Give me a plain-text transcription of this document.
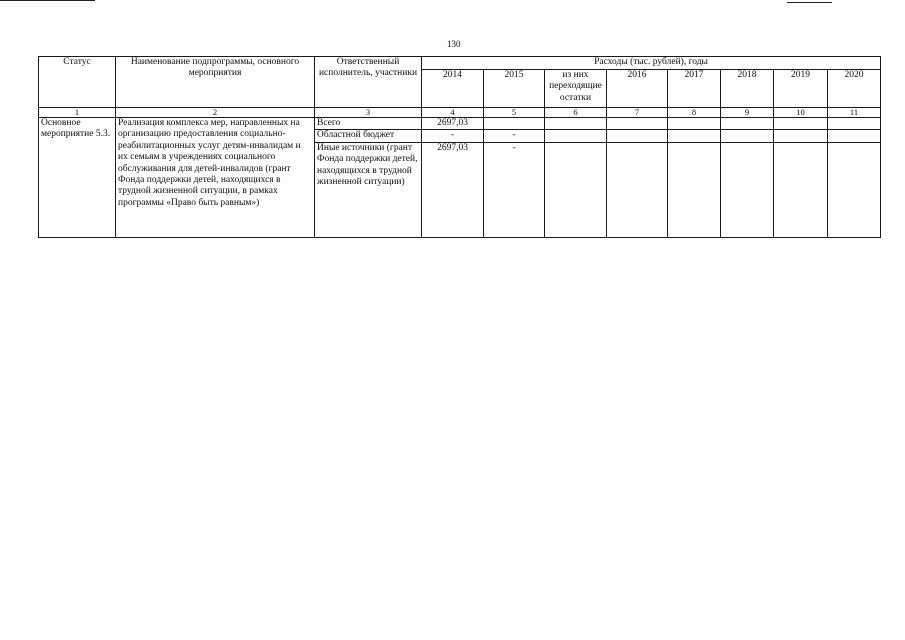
130
Статус	Наименование подпрограммы, основного мероприятия	Ответственный исполнитель, участники	Расходы (тыс. рублей), годы							
			2014	2015	из них переходящие остатки	2016	2017	2018	2019	2020
1	2	3	4	5	6	7	8	9	10	11
Основное мероприятие 5.3.	Реализация комплекса мер, направленных на организацию предоставления социально-реабилитационных услуг детям-инвалидам и их семьям в учреждениях социального обслуживания для детей-инвалидов (грант Фонда поддержки детей, находящихся в трудной жизненной ситуации, в рамках программы «Право быть равным»)	Всего	2697,03							
		Областной бюджет	-	-						
		Иные источники (грант Фонда поддержки детей, находящихся в трудной жизненной ситуации)	2697,03	-						
